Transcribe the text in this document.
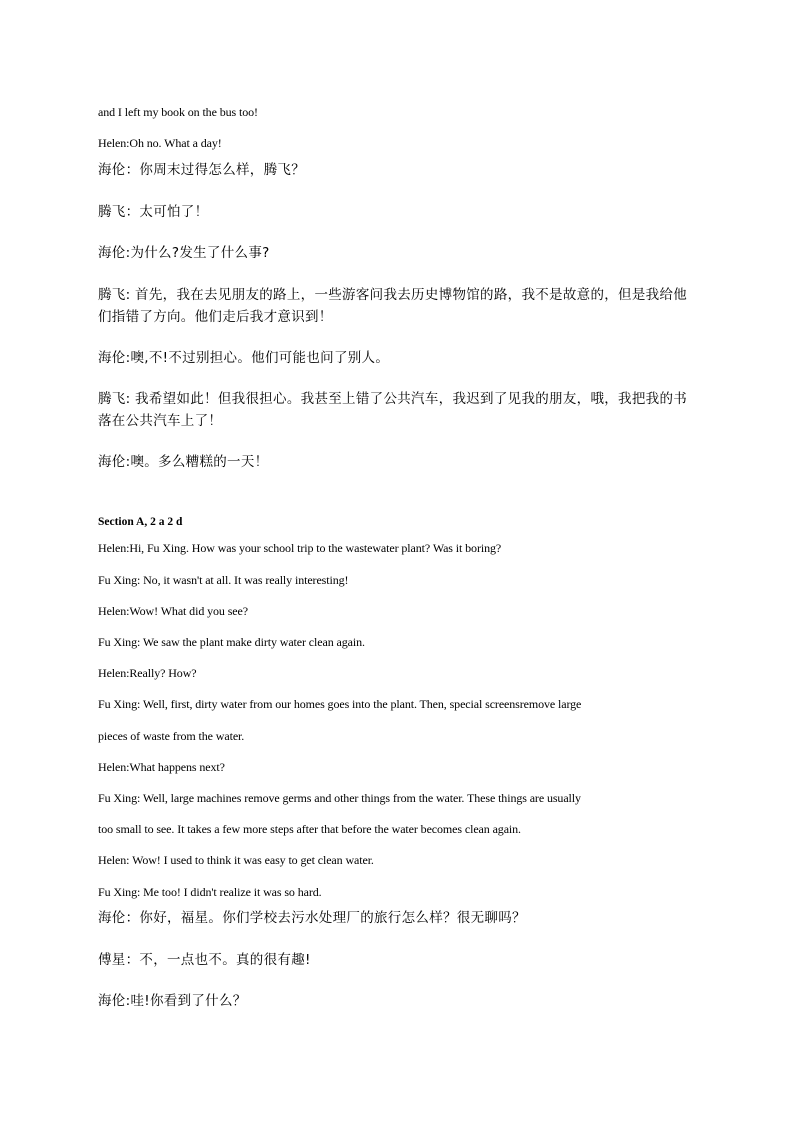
and I left my book on the bus too!
Helen:Oh no. What a day!
海伦：你周末过得怎么样，腾飞？
腾飞：太可怕了！
海伦:为什么?发生了什么事?
腾飞: 首先，我在去见朋友的路上，一些游客问我去历史博物馆的路，我不是故意的，但是我给他们指错了方向。他们走后我才意识到！
海伦:噢,不!不过别担心。他们可能也问了别人。
腾飞: 我希望如此！但我很担心。我甚至上错了公共汽车，我迟到了见我的朋友，哦，我把我的书落在公共汽车上了！
海伦:噢。多么糟糕的一天！
Section A, 2 a 2 d
Helen:Hi, Fu Xing. How was your school trip to the wastewater plant? Was it boring?
Fu Xing: No, it wasn't at all. It was really interesting!
Helen:Wow! What did you see?
Fu Xing: We saw the plant make dirty water clean again.
Helen:Really? How?
Fu Xing: Well, first, dirty water from our homes goes into the plant. Then, special screensremove large
pieces of waste from the water.
Helen:What happens next?
Fu Xing: Well, large machines remove germs and other things from the water. These things are usually
too small to see. It takes a few more steps after that before the water becomes clean again.
Helen: Wow! I used to think it was easy to get clean water.
Fu Xing: Me too! I didn't realize it was so hard.
海伦：你好，福星。你们学校去污水处理厂的旅行怎么样？很无聊吗？
傅星：不，一点也不。真的很有趣!
海伦:哇!你看到了什么？
